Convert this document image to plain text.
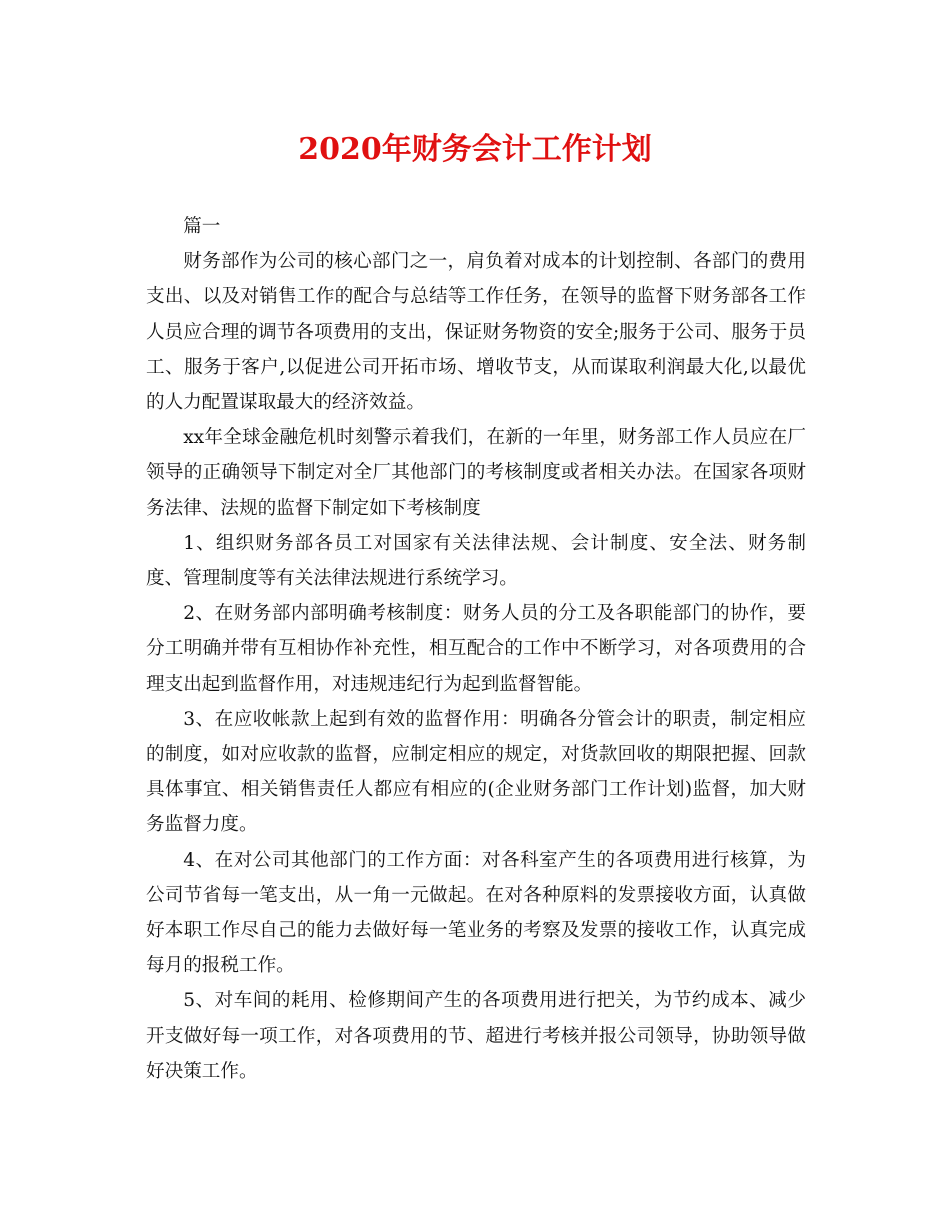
2020年财务会计工作计划

篇一

财务部作为公司的核心部门之一，肩负着对成本的计划控制、各部门的费用支出、以及对销售工作的配合与总结等工作任务，在领导的监督下财务部各工作人员应合理的调节各项费用的支出，保证财务物资的安全;服务于公司、服务于员工、服务于客户,以促进公司开拓市场、增收节支，从而谋取利润最大化,以最优的人力配置谋取最大的经济效益。

xx年全球金融危机时刻警示着我们，在新的一年里，财务部工作人员应在厂领导的正确领导下制定对全厂其他部门的考核制度或者相关办法。在国家各项财务法律、法规的监督下制定如下考核制度

1、组织财务部各员工对国家有关法律法规、会计制度、安全法、财务制度、管理制度等有关法律法规进行系统学习。

2、在财务部内部明确考核制度：财务人员的分工及各职能部门的协作，要分工明确并带有互相协作补充性，相互配合的工作中不断学习，对各项费用的合理支出起到监督作用，对违规违纪行为起到监督智能。

3、在应收帐款上起到有效的监督作用：明确各分管会计的职责，制定相应的制度，如对应收款的监督，应制定相应的规定，对货款回收的期限把握、回款具体事宜、相关销售责任人都应有相应的(企业财务部门工作计划)监督，加大财务监督力度。

4、在对公司其他部门的工作方面：对各科室产生的各项费用进行核算，为公司节省每一笔支出，从一角一元做起。在对各种原料的发票接收方面，认真做好本职工作尽自己的能力去做好每一笔业务的考察及发票的接收工作，认真完成每月的报税工作。

5、对车间的耗用、检修期间产生的各项费用进行把关，为节约成本、减少开支做好每一项工作，对各项费用的节、超进行考核并报公司领导，协助领导做好决策工作。
